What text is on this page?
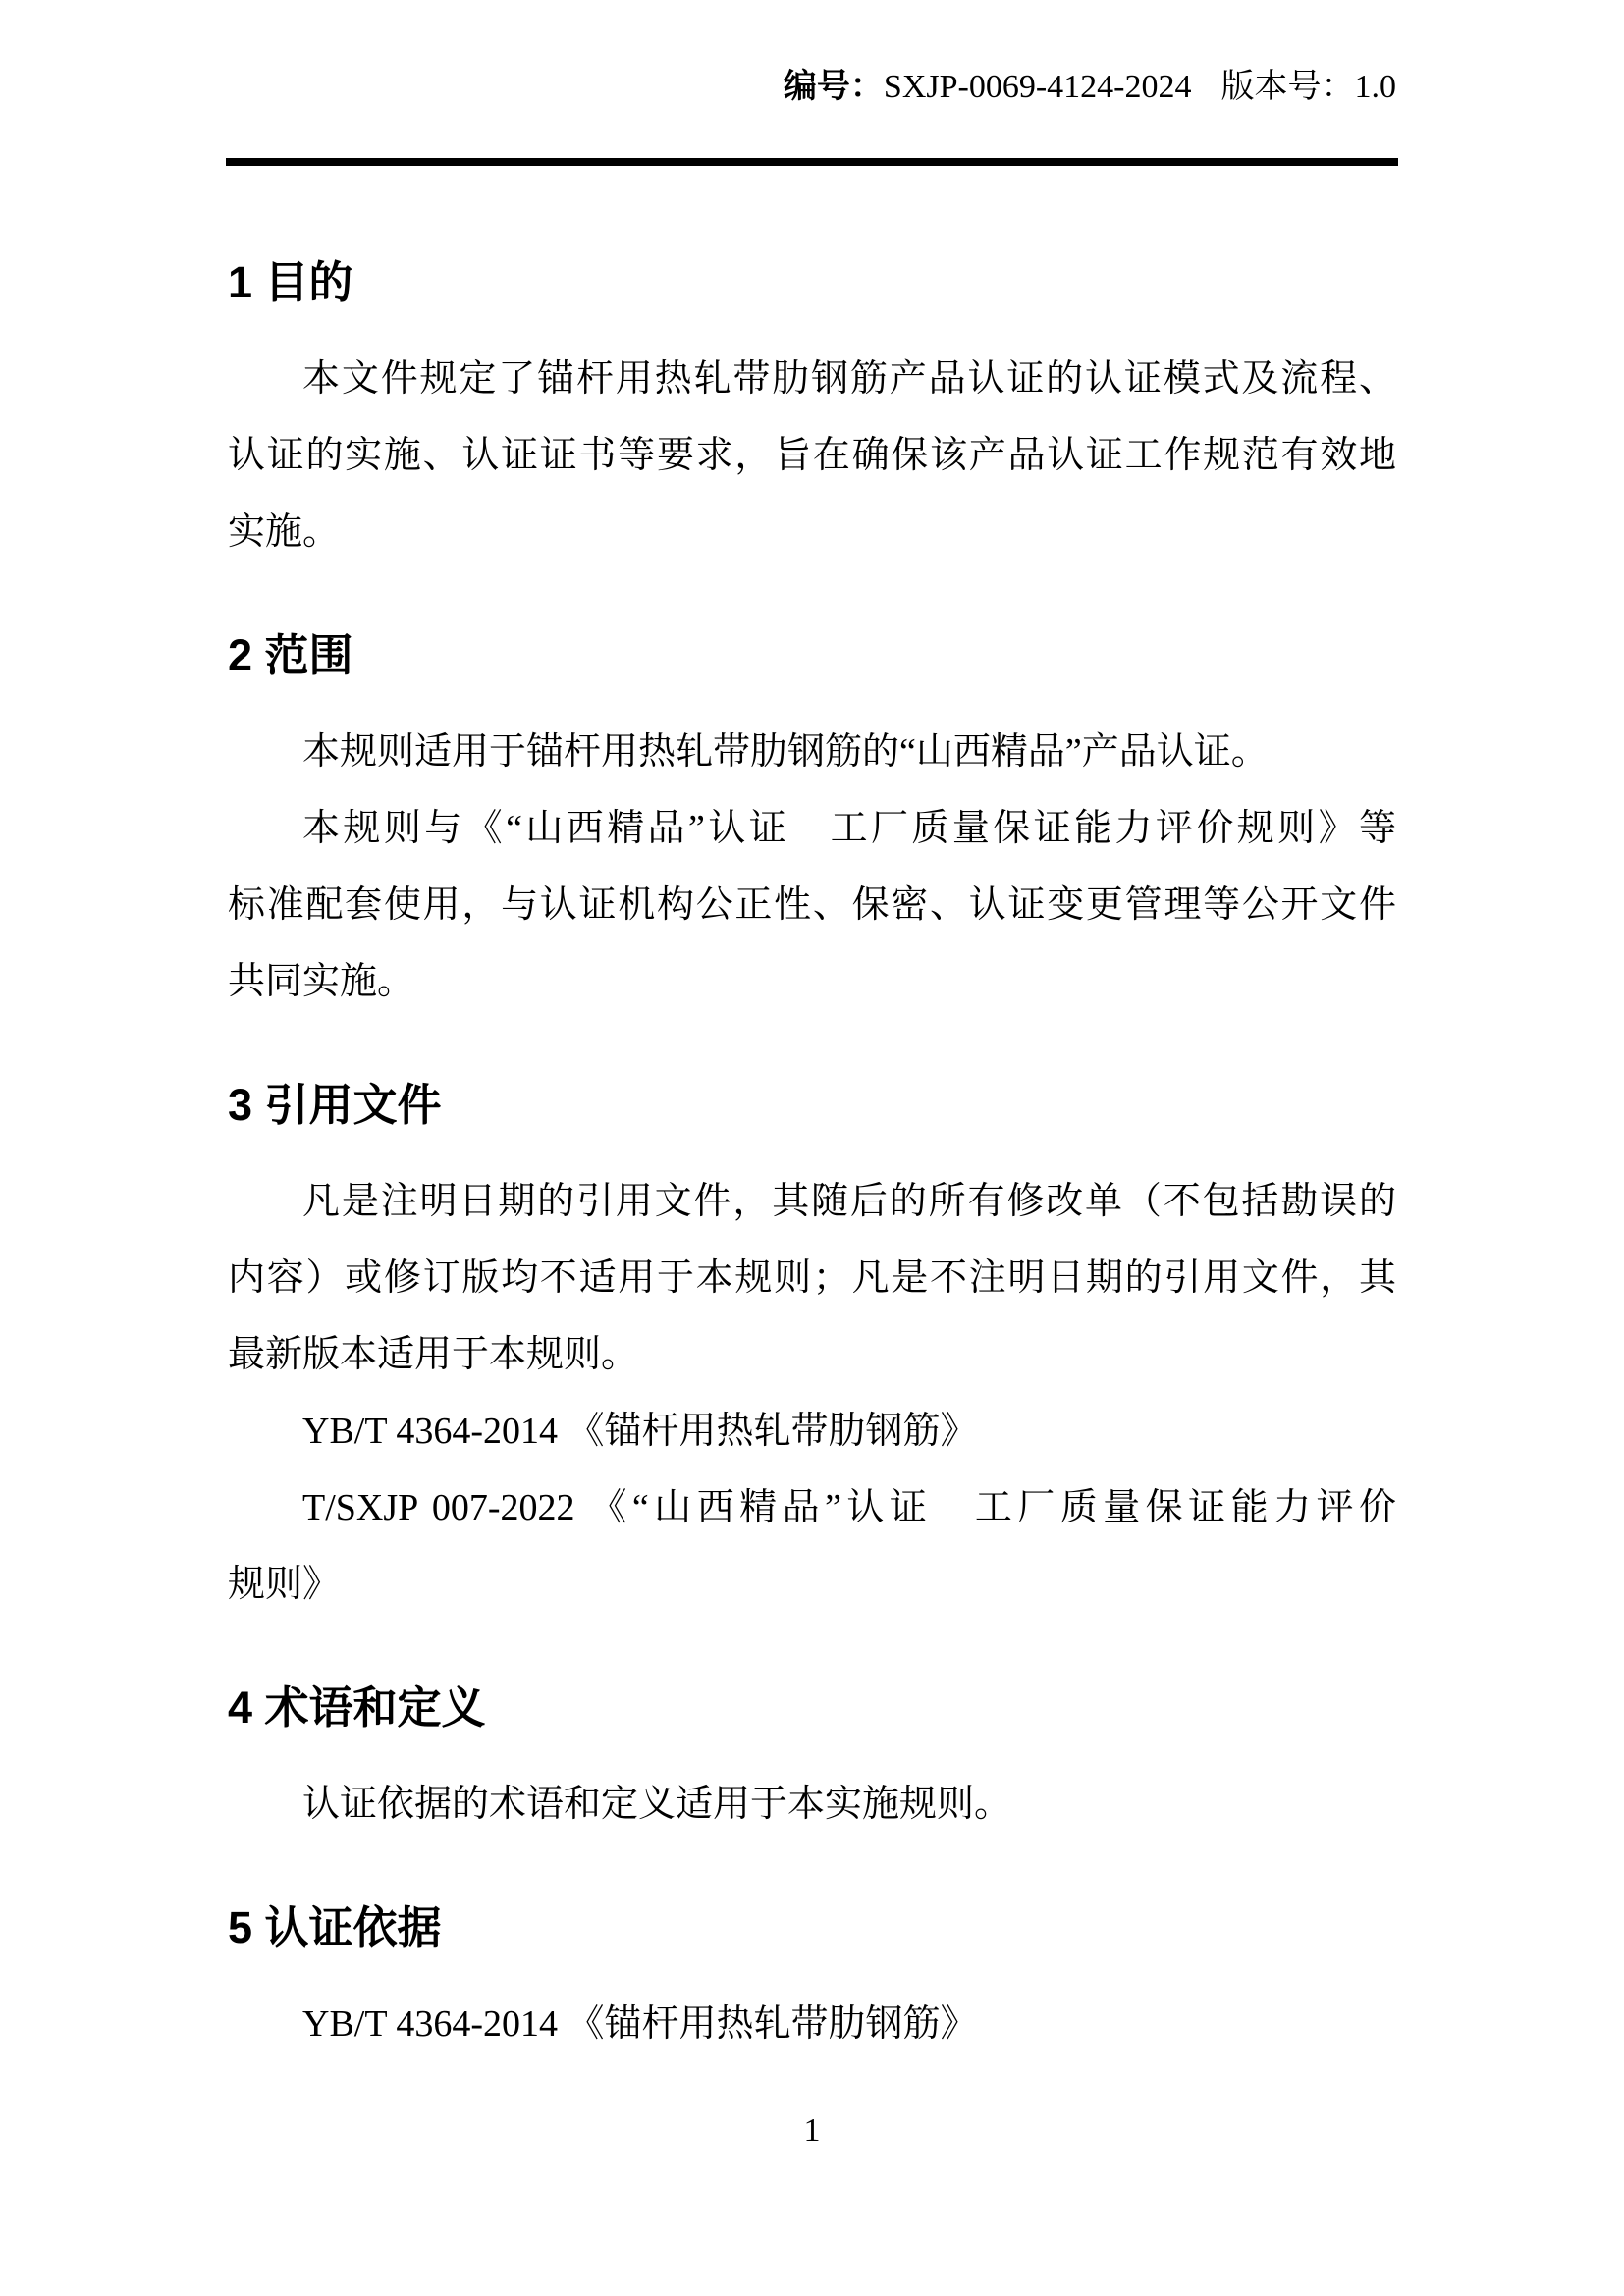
编号：SXJP-0069-4124-2024 版本号：1.0
1 目的
本文件规定了锚杆用热轧带肋钢筋产品认证的认证模式及流程、
认证的实施、认证证书等要求，旨在确保该产品认证工作规范有效地
实施。
2 范围
本规则适用于锚杆用热轧带肋钢筋的“山西精品”产品认证。
本规则与《“山西精品”认证　工厂质量保证能力评价规则》等
标准配套使用，与认证机构公正性、保密、认证变更管理等公开文件
共同实施。
3 引用文件
凡是注明日期的引用文件，其随后的所有修改单（不包括勘误的
内容）或修订版均不适用于本规则；凡是不注明日期的引用文件，其
最新版本适用于本规则。
YB/T 4364-2014 《锚杆用热轧带肋钢筋》
T/SXJP 007-2022 《“山西精品”认证　工厂质量保证能力评价
规则》
4 术语和定义
认证依据的术语和定义适用于本实施规则。
5 认证依据
YB/T 4364-2014 《锚杆用热轧带肋钢筋》
1
